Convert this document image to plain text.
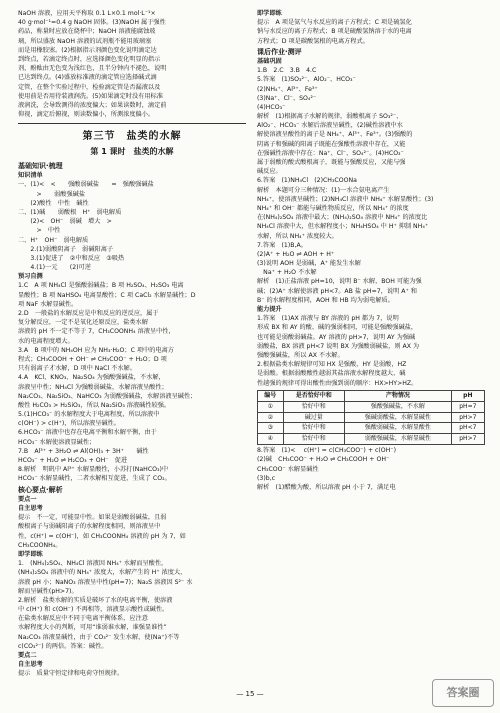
NaOH 溶液，应用天平称取 0.1 L×0.1 mol·L⁻¹×
40 g·mol⁻¹=0.4 g NaOH 固体。(3)NaOH 属于强性
药品，称量时应放在烧杯中；NaOH 溶液能腐蚀玻
璃，所以盛放 NaOH 溶液的试剂瓶不能用玻璃塞
而是用橡胶塞。(2)根据指示剂颜色变化说明滴定达
到终点，若滴定终点时，应选择颜色变化明显的指示
剂，酚酞由无色变为浅红色，且半分钟内不褪色，说明
已达到终点。(4)盛放标准液的滴定管应选择碱式滴
定管，在整个实验过程中，检验滴定管是否漏液以及
使用前是否用待装液润洗。(5)如果滴定时没有用标准
液润洗，会导致测得的浓度偏大；如果读数时，滴定前
仰视，滴定后俯视，则读数偏小，所测浓度偏小。
第三节　盐类的水解
第 1 课时　盐类的水解
基础知识·梳理
知识清单
一、(1)<　<　　强酸弱碱盐　　=　强酸强碱盐
　　　>　　弱酸强碱盐
　　(2)酸性　中性　碱性
二、(1)碱　　弱酸根　H⁺　弱电解质
　　(2)<　OH⁻　弱碱　增大　>
　　　>　中性
二、H⁺　OH⁻　弱电解质
　　2.(1)弱酸阴离子　弱碱阳离子
　　3.(1)促进了　②中和反应　③吸热
　　4.(1)一元　　(2)可逆
预习自测
1.C　A 项 NH₄Cl 是强酸弱碱盐；B 项 H₂SO₄、H₂SO₃ 电离
显酸性；B 项 NaHSO₄ 电离显酸性；C 项 CaCl₂ 水解显碱性；D
项 NaF 水解显碱性。
2.D　一般盐的水解反应是中和反应的逆反应，属于
复分解反应，一定不是氧化还原反应，盐类水解
溶液的 pH 不一定不等于 7，CH₃COONH₄ 溶液呈中性，
水的电离程度增大。
3.A　B 项中的 NH₄OH 应为 NH₃·H₂O；C 项中的电离方
程式；CH₃COOH + OH⁻ ⇌ CH₃COO⁻ + H₂O；D 项
只有弱离子才水解，D 项中 NaCl 不水解。
4.A　KCl、KNO₃、Na₂SO₄ 为强酸强碱盐，不水解，
溶液呈中性；NH₄Cl 为强酸弱碱盐，水解溶液呈酸性；
Na₂CO₃、Na₂SiO₃、NaHCO₃ 为弱酸强碱盐，水解溶液呈碱性；
酸性 H₂CO₃ > H₂SiO₃，所以 Na₂SiO₃ 溶液碱性较强。
5.(1)HCO₃⁻ 的水解程度大于电离程度，所以溶液中
c(OH⁻) > c(H⁺)，所以溶液呈碱性。
6.HCO₃⁻ 溶液中也存在电离平衡和水解平衡，由于
HCO₃⁻ 水解使溶液显碱性；
7.B　Al³⁺ + 3H₂O ⇌ Al(OH)₃ + 3H⁺　　碱性
HCO₃⁻ + H₂O ⇌ H₂CO₃ + OH⁻　促进
8.解析　明矾中 Al³⁺ 水解显酸性，小苏打(NaHCO₃)中
HCO₃⁻ 水解显碱性，二者水解相互促进，生成了 CO₂。
核心要点·解析
要点一
自主思考
提示　不一定，可能显中性。如果是弱酸弱碱盐，且弱
酸根离子与弱碱阳离子的水解程度相同，则溶液呈中
性，c(H⁺) = c(OH⁻)，如 CH₃COONH₄ 溶液的 pH 为 7，如
CH₃COONH₄。
即学即练
1.　(NH₄)₂SO₄、NH₄Cl 溶液因 NH₄⁺ 水解而呈酸性，
(NH₄)₂SO₄ 溶液中的 NH₄⁺ 浓度大，水解产生的 H⁺ 浓度大，
溶液 pH 小；NaNO₃ 溶液呈中性(pH=7)；Na₂S 溶液因 S²⁻ 水
解而呈碱性(pH>7)。
2.解析　盐类水解的实质是破坏了水的电离平衡，使溶液
中 c(H⁺) 和 c(OH⁻) 不再相等，溶液显示酸性或碱性。
在盐类水解反应中不同于电离平衡体系，应注意
水解程度大小的判断，可用“谁弱谁水解，谁强显谁性”
Na₂CO₃ 溶液显碱性，由于 CO₃²⁻ 发生水解，使(Na⁺)不等
c(CO₃²⁻) 的两倍。答案：碱性。
要点二
自主思考
提示　质量守恒定律和电荷守恒规律。
即学即练
提示　A 项是氨气与水反应的离子方程式；C 项是硫氢化
钠与水反应的离子方程式；B 项是硫酸氢钠溶于水的电离
方程式；D 项是碳酸氢根的电离方程式。
课后作业·测评
基础巩固
1.B　2.C　3.B　4.C
5.答案　(1)SO₃²⁻、AlO₂⁻、HCO₃⁻
(2)NH₄⁺、Al³⁺、Fe³⁺
(3)Na⁺、Cl⁻、SO₄²⁻
(4)HCO₃⁻
解析　(1)根据离子水解的规律，弱酸根离子 SO₃²⁻、
AlO₂⁻、HCO₃⁻ 水解后溶液呈碱性，(2)碱性溶液中水
解使溶液呈酸性的离子是 NH₄⁺、Al³⁺、Fe³⁺。(3)强酸的
阴离子和强碱的阳离子既能在强酸性溶液中存在，又能
在强碱性溶液中存在：Na⁺、Cl⁻、SO₄²⁻。(4)HCO₃⁻
属于弱酸的酸式酸根离子，既能与强酸反应，又能与强
碱反应。
6.答案　(1)NH₄Cl　(2)CH₃COONa
解析　本题可分三种情况：(1)一水合氨电离产生
NH₄⁺，使溶液呈碱性；(2)NH₄Cl 溶液中 NH₄⁺ 水解显酸性；(3)
NH₄⁺ 和 OH⁻ 都能与碱性物质反应，所以 NH₄⁺ 的浓度
在(NH₄)₂SO₄ 溶液中最大；(NH₄)₂SO₄ 溶液中 NH₄⁺ 的浓度比
NH₄Cl 溶液中大，但水解程度小；NH₄HSO₄ 中 H⁺ 抑制 NH₄⁺
水解，所以 NH₄⁺ 浓度较大。
7.答案　(1)B,A。
(2)A⁺ + H₂O ⇌ AOH + H⁺
(3)说明 AOH 是弱碱，A⁺ 能发生水解
　Na⁺ + H₂O 不水解
解析　(1)正盐溶液 pH=10，说明 B⁻ 水解，BOH 可能为强
碱；(2)A⁺ 水解使溶液 pH<7。AB 盐 pH=7，说明 A⁺ 和
B⁻ 的水解程度相同，AOH 和 HB 均为弱电解质。
能力提升
1.答案　(1)AX 溶液与 BY 溶液的 pH 都为 7，说明
形成 BX 和 AY 的酸、碱的强弱相同，可能是强酸强碱盐，
也可能是弱酸弱碱盐。AY 溶液的 pH>7，说明 AY 为强碱
弱酸盐，BX 溶液 pH<7 说明 BX 为强酸弱碱盐，则 AX 为
强酸强碱盐，所以 AX 不水解。
2.根据盐类水解规律可知 HX 是强酸，HY 是弱酸，HZ
是弱酸。根据弱酸酸性越弱其盐溶液水解程度越大、碱
性越强的规律可得出酸性由强到弱的顺序：HX>HY>HZ。
编号	是否恰好中和	产物情况	pH
①	恰好中和	强酸强碱盐，不水解	pH=7
②	碱过量	强碱弱酸盐，水解显碱性	pH>7
③	恰好中和	强酸弱碱盐，水解显酸性	pH<7
④	恰好中和	弱酸强碱盐，水解显碱性	pH>7
8.答案　(1)< 　c(H⁺) = c(CH₃COO⁻) + c(OH⁻)
(2)碱　CH₃COO⁻ + H₂O ⇌ CH₃COOH + OH⁻
CH₃COO⁻ 水解显碱性
(3)b,c
解析　(1)醋酸为酸，所以溶液 pH 小于 7，满足电
— 15 —	答案圈
